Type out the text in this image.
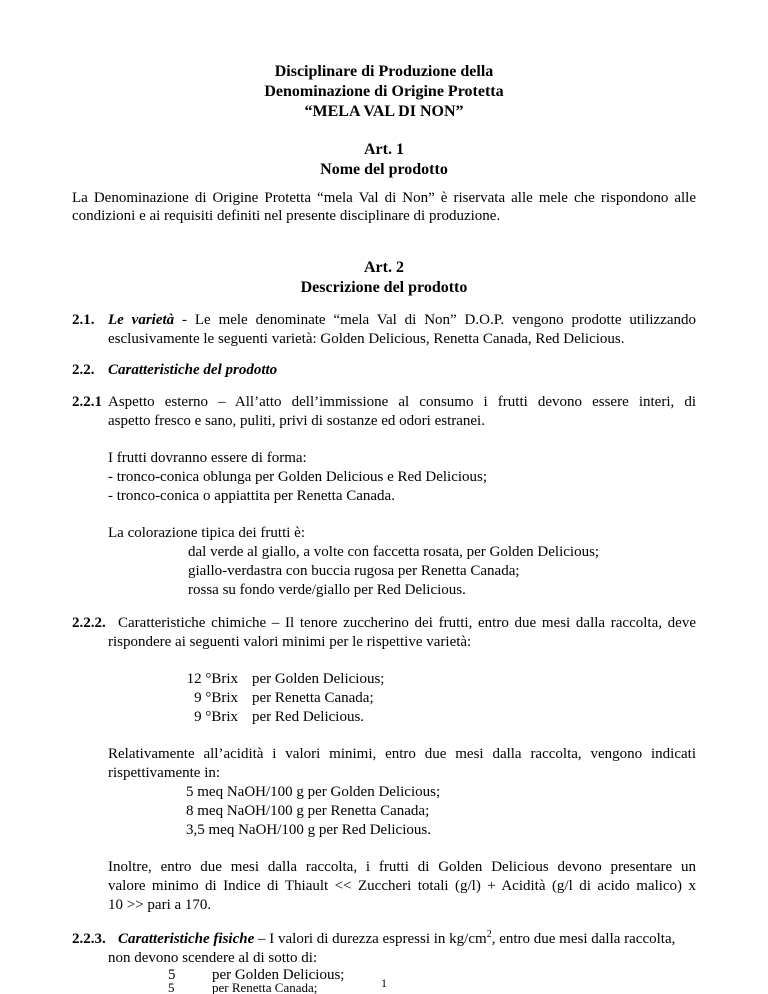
Disciplinare di Produzione della
Denominazione di Origine Protetta
“MELA VAL DI NON”
Art. 1
Nome del prodotto
La Denominazione di Origine Protetta “mela Val di Non” è riservata alle mele che rispondono alle
condizioni e ai requisiti definiti nel presente disciplinare di produzione.
Art. 2
Descrizione del prodotto
2.1. Le varietà - Le mele denominate “mela Val di Non” D.O.P. vengono prodotte utilizzando
esclusivamente le seguenti varietà: Golden Delicious, Renetta Canada, Red Delicious.
2.2. Caratteristiche del prodotto
2.2.1 Aspetto esterno – All’atto dell’immissione al consumo i frutti devono essere interi, di
aspetto fresco e sano, puliti, privi di sostanze ed odori estranei.
I frutti dovranno essere di forma:
- tronco-conica oblunga per Golden Delicious e Red Delicious;
- tronco-conica o appiattita per Renetta Canada.
La colorazione tipica dei frutti è:
dal verde al giallo, a volte con faccetta rosata, per Golden Delicious;
giallo-verdastra con buccia rugosa per Renetta Canada;
rossa su fondo verde/giallo per Red Delicious.
2.2.2. Caratteristiche chimiche – Il tenore zuccherino dei frutti, entro due mesi dalla raccolta, deve
rispondere ai seguenti valori minimi per le rispettive varietà:
12 °Brix per Golden Delicious;
9 °Brix per Renetta Canada;
9 °Brix per Red Delicious.
Relativamente all’acidità i valori minimi, entro due mesi dalla raccolta, vengono indicati
rispettivamente in:
5 meq NaOH/100 g per Golden Delicious;
8 meq NaOH/100 g per Renetta Canada;
3,5 meq NaOH/100 g per Red Delicious.
Inoltre, entro due mesi dalla raccolta, i frutti di Golden Delicious devono presentare un
valore minimo di Indice di Thiault << Zuccheri totali (g/l) + Acidità (g/l di acido malico) x
10 >> pari a 170.
2.2.3. Caratteristiche fisiche – I valori di durezza espressi in $kg/cm^2$, entro due mesi dalla raccolta,
non devono scendere al di sotto di:
5 per Golden Delicious;
5	per Renetta Canada;	1
